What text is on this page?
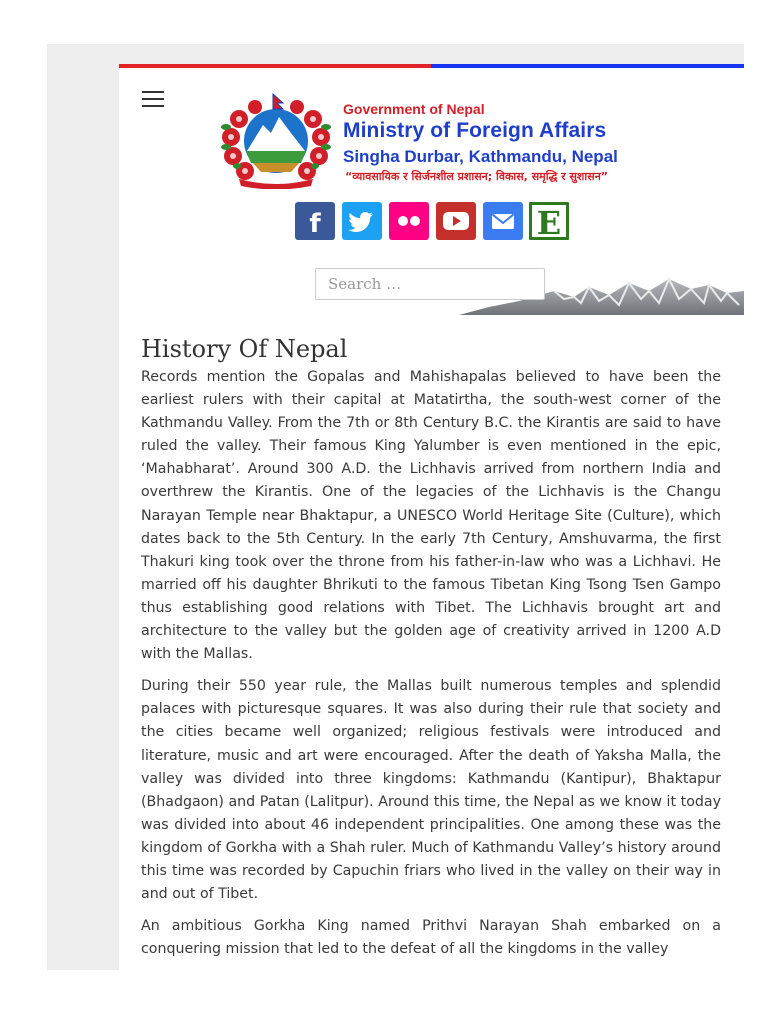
Government of Nepal
Ministry of Foreign Affairs
Singha Durbar, Kathmandu, Nepal
“व्यावसायिक र सिर्जनशील प्रशासन; विकास, समृद्धि र सुशासन”
f	E
Search …
History Of Nepal

Records mention the Gopalas and Mahishapalas believed to have been the earliest rulers with their capital at Matatirtha, the south-west corner of the Kathmandu Valley. From the 7th or 8th Century B.C. the Kirantis are said to have ruled the valley. Their famous King Yalumber is even mentioned in the epic, ‘Mahabharat’. Around 300 A.D. the Lichhavis arrived from northern India and overthrew the Kirantis. One of the legacies of the Lichhavis is the Changu Narayan Temple near Bhaktapur, a UNESCO World Heritage Site (Culture), which dates back to the 5th Century. In the early 7th Century, Amshuvarma, the first Thakuri king took over the throne from his father-in-law who was a Lichhavi. He married off his daughter Bhrikuti to the famous Tibetan King Tsong Tsen Gampo thus establishing good relations with Tibet. The Lichhavis brought art and architecture to the valley but the golden age of creativity arrived in 1200 A.D with the Mallas.

During their 550 year rule, the Mallas built numerous temples and splendid palaces with picturesque squares. It was also during their rule that society and the cities became well organized; religious festivals were introduced and literature, music and art were encouraged. After the death of Yaksha Malla, the valley was divided into three kingdoms: Kathmandu (Kantipur), Bhaktapur (Bhadgaon) and Patan (Lalitpur). Around this time, the Nepal as we know it today was divided into about 46 independent principalities. One among these was the kingdom of Gorkha with a Shah ruler. Much of Kathmandu Valley’s history around this time was recorded by Capuchin friars who lived in the valley on their way in and out of Tibet.

An ambitious Gorkha King named Prithvi Narayan Shah embarked on a conquering mission that led to the defeat of all the kingdoms in the valley
